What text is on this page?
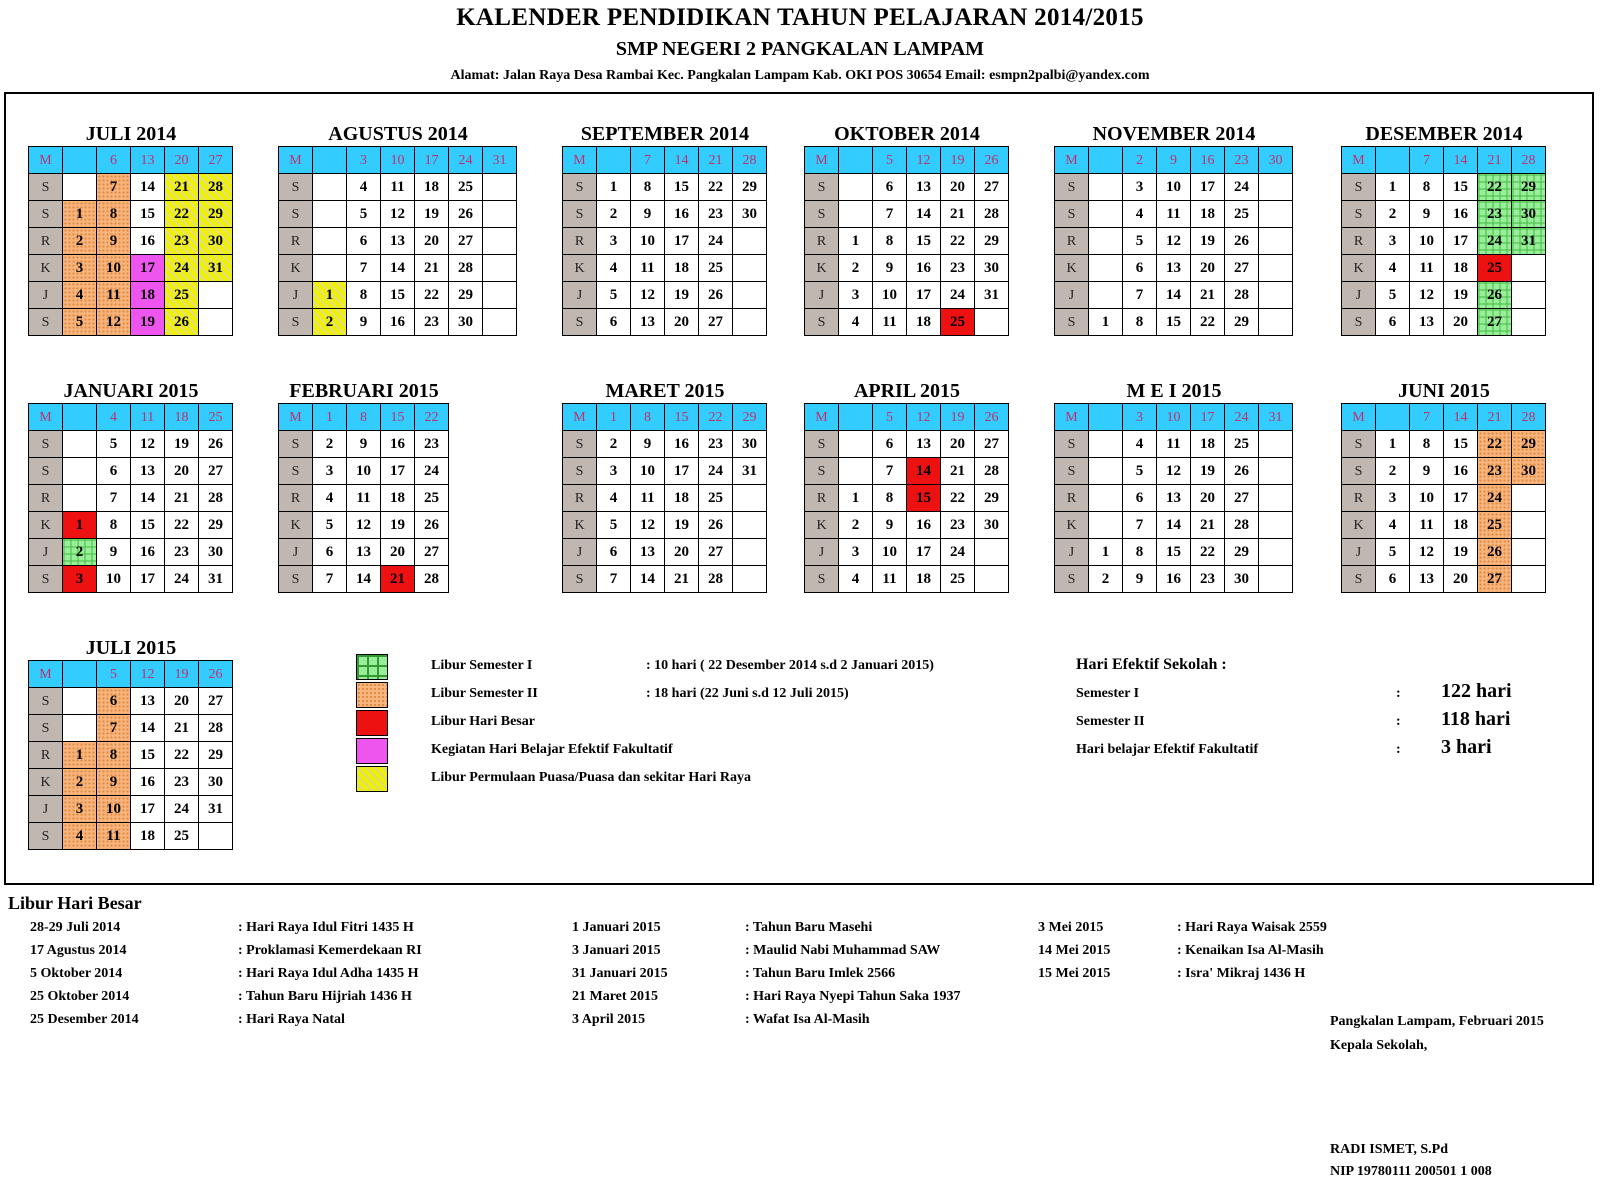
KALENDER PENDIDIKAN TAHUN PELAJARAN 2014/2015
SMP NEGERI 2 PANGKALAN LAMPAM
Alamat: Jalan Raya Desa Rambai Kec. Pangkalan Lampam Kab. OKI POS 30654 Email: esmpn2palbi@yandex.com
JULI 2014
M		6	13	20	27
S		7	14	21	28
S	1	8	15	22	29
R	2	9	16	23	30
K	3	10	17	24	31
J	4	11	18	25	
S	5	12	19	26	
AGUSTUS 2014
M		3	10	17	24	31
S		4	11	18	25	
S		5	12	19	26	
R		6	13	20	27	
K		7	14	21	28	
J	1	8	15	22	29	
S	2	9	16	23	30	
SEPTEMBER 2014
M		7	14	21	28
S	1	8	15	22	29
S	2	9	16	23	30
R	3	10	17	24	
K	4	11	18	25	
J	5	12	19	26	
S	6	13	20	27	
OKTOBER 2014
M		5	12	19	26
S		6	13	20	27
S		7	14	21	28
R	1	8	15	22	29
K	2	9	16	23	30
J	3	10	17	24	31
S	4	11	18	25	
NOVEMBER 2014
M		2	9	16	23	30
S		3	10	17	24	
S		4	11	18	25	
R		5	12	19	26	
K		6	13	20	27	
J		7	14	21	28	
S	1	8	15	22	29	
DESEMBER 2014
M		7	14	21	28
S	1	8	15	22	29
S	2	9	16	23	30
R	3	10	17	24	31
K	4	11	18	25	
J	5	12	19	26	
S	6	13	20	27	
JANUARI 2015
M		4	11	18	25
S		5	12	19	26
S		6	13	20	27
R		7	14	21	28
K	1	8	15	22	29
J	2	9	16	23	30
S	3	10	17	24	31
FEBRUARI 2015
M	1	8	15	22
S	2	9	16	23
S	3	10	17	24
R	4	11	18	25
K	5	12	19	26
J	6	13	20	27
S	7	14	21	28
MARET 2015
M	1	8	15	22	29
S	2	9	16	23	30
S	3	10	17	24	31
R	4	11	18	25	
K	5	12	19	26	
J	6	13	20	27	
S	7	14	21	28	
APRIL 2015
M		5	12	19	26
S		6	13	20	27
S		7	14	21	28
R	1	8	15	22	29
K	2	9	16	23	30
J	3	10	17	24	
S	4	11	18	25	
M E I 2015
M		3	10	17	24	31
S		4	11	18	25	
S		5	12	19	26	
R		6	13	20	27	
K		7	14	21	28	
J	1	8	15	22	29	
S	2	9	16	23	30	
JUNI 2015
M		7	14	21	28
S	1	8	15	22	29
S	2	9	16	23	30
R	3	10	17	24	
K	4	11	18	25	
J	5	12	19	26	
S	6	13	20	27	
JULI 2015
M		5	12	19	26
S		6	13	20	27
S		7	14	21	28
R	1	8	15	22	29
K	2	9	16	23	30
J	3	10	17	24	31
S	4	11	18	25	
Libur Semester I	: 10 hari ( 22 Desember 2014 s.d 2 Januari 2015)
Libur Semester II	: 18 hari (22 Juni s.d 12 Juli 2015)
Libur Hari Besar
Kegiatan Hari Belajar Efektif Fakultatif
Libur Permulaan Puasa/Puasa dan sekitar Hari Raya
Hari Efektif Sekolah :
Semester I	: 122 hari
Semester II	: 118 hari
Hari belajar Efektif Fakultatif	: 3 hari
Libur Hari Besar
28-29 Juli 2014	: Hari Raya Idul Fitri 1435 H
17 Agustus 2014	: Proklamasi Kemerdekaan RI
5 Oktober 2014	: Hari Raya Idul Adha 1435 H
25 Oktober 2014	: Tahun Baru Hijriah 1436 H
25 Desember 2014	: Hari Raya Natal
1 Januari 2015	: Tahun Baru Masehi
3 Januari 2015	: Maulid Nabi Muhammad SAW
31 Januari 2015	: Tahun Baru Imlek 2566
21 Maret 2015	: Hari Raya Nyepi Tahun Saka 1937
3 April 2015	: Wafat Isa Al-Masih
3 Mei 2015	: Hari Raya Waisak 2559
14 Mei 2015	: Kenaikan Isa Al-Masih
15 Mei 2015	: Isra' Mikraj 1436 H
Pangkalan Lampam, Februari 2015
Kepala Sekolah,
RADI ISMET, S.Pd
NIP 19780111 200501 1 008
